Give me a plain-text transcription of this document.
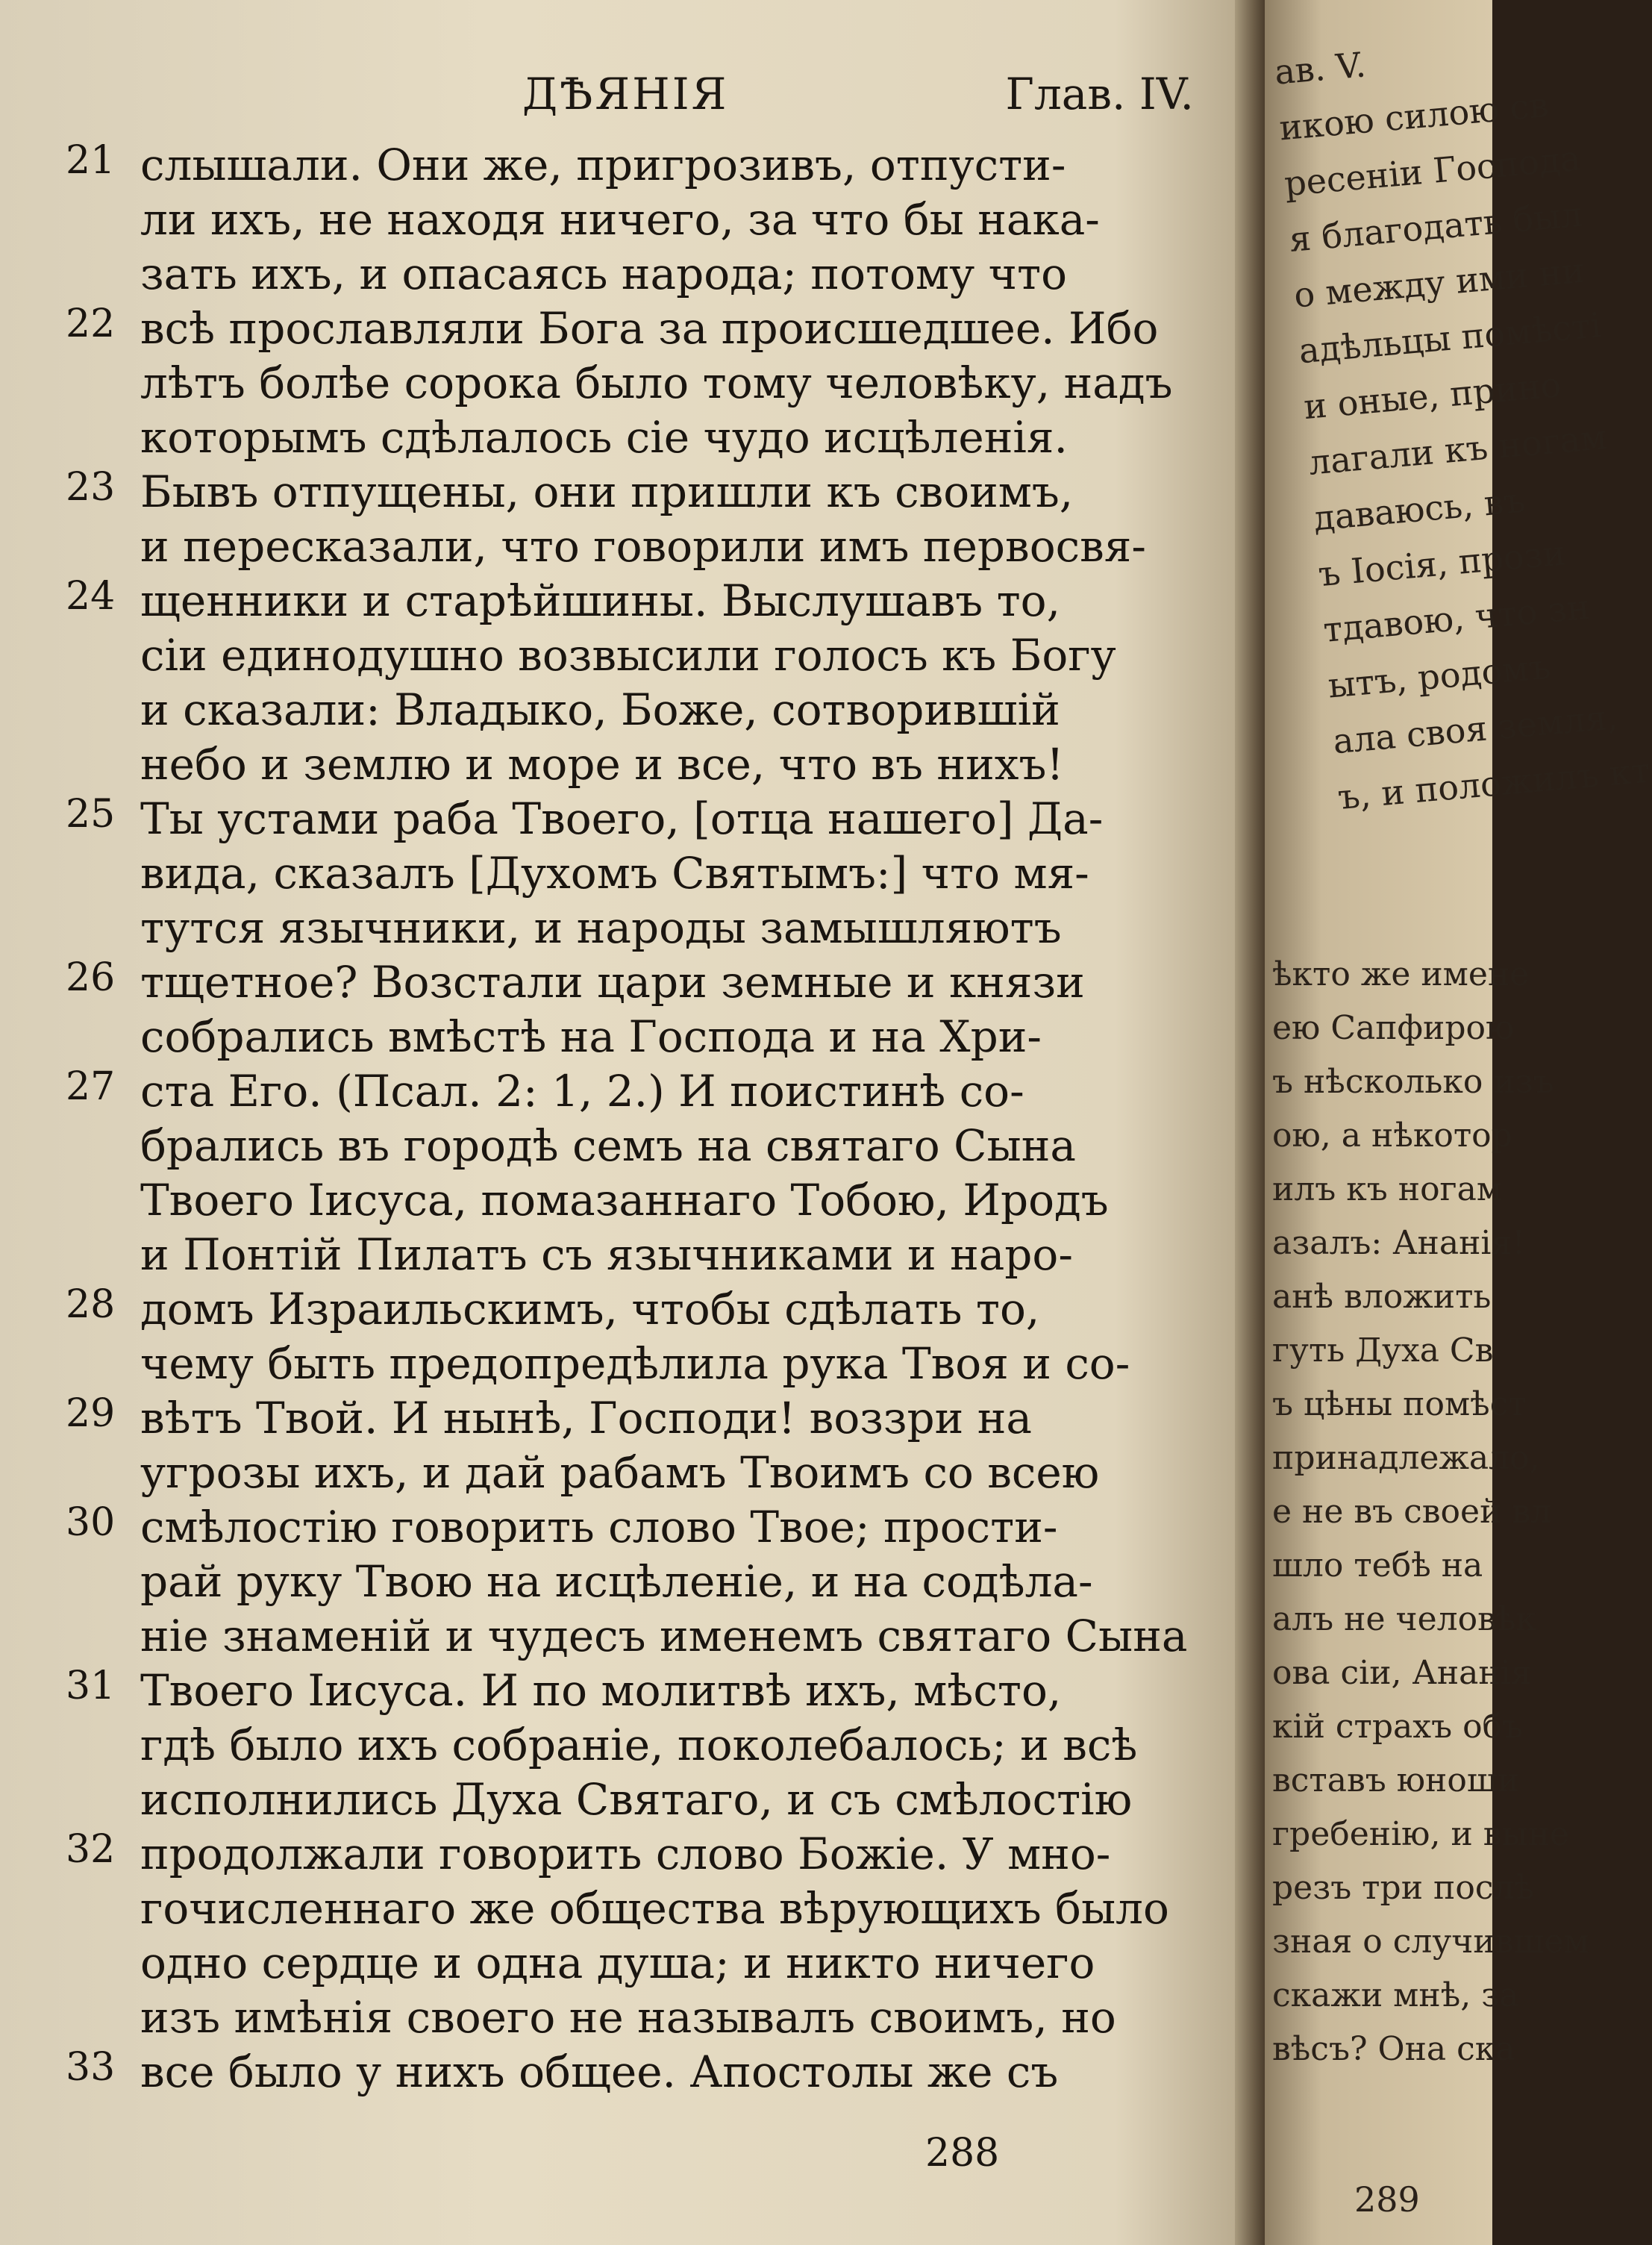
ДѢЯНІЯ	Глав. IV.
21
22
23
24
25
26
27
28
29
30
31
32
33
слышали. Они же, пригрозивъ, отпусти-
ли ихъ, не находя ничего, за что бы нака-
зать ихъ, и опасаясь народа; потому что
всѣ прославляли Бога за происшедшее. Ибо
лѣтъ болѣе сорока было тому человѣку, надъ
которымъ сдѣлалось сіе чудо исцѣленія.
Бывъ отпущены, они пришли къ своимъ,
и пересказали, что говорили имъ первосвя-
щенники и старѣйшины. Выслушавъ то,
сіи единодушно возвысили голосъ къ Богу
и сказали: Владыко, Боже, сотворившій
небо и землю и море и все, что въ нихъ!
Ты устами раба Твоего, [отца нашего] Да-
вида, сказалъ [Духомъ Святымъ:] что мя-
тутся язычники, и народы замышляютъ
тщетное? Возстали цари земные и князи
собрались вмѣстѣ на Господа и на Хри-
ста Его. (Псал. 2: 1, 2.) И поистинѣ со-
брались въ городѣ семъ на святаго Сына
Твоего Іисуса, помазаннаго Тобою, Иродъ
и Понтій Пилатъ съ язычниками и наро-
домъ Израильскимъ, чтобы сдѣлать то,
чему быть предопредѣлила рука Твоя и со-
вѣтъ Твой. И нынѣ, Господи! воззри на
угрозы ихъ, и дай рабамъ Твоимъ со всею
смѣлостію говорить слово Твое; прости-
рай руку Твою на исцѣленіе, и на содѣла-
ніе знаменій и чудесъ именемъ святаго Сына
Твоего Іисуса. И по молитвѣ ихъ, мѣсто,
гдѣ было ихъ собраніе, поколебалось; и всѣ
исполнились Духа Святаго, и съ смѣлостію
продолжали говорить слово Божіе. У мно-
гочисленнаго же общества вѣрующихъ было
одно сердце и одна душа; и никто ничего
изъ имѣнія своего не называлъ своимъ, но
все было у нихъ общее. Апостолы же съ
288
ав. V.
икою силою св
ресеніи Господа
я благодать был
о между ими ни
адѣльцы помѣсті
и оные, прино
лагали къ ногам
даваюсь, въ
ъ Іосія, прози
тдавою, что зн
ытъ, родомъ
ала своя земля,
ъ, и положилъ кт
ѣкто же имене
ею Сапфирою
ъ нѣсколько изъ
ою, а нѣкотор
илъ къ ногам
азалъ: Ананія!
анѣ вложить
гуть Духа Св
ъ цѣны помѣст
принадлежало,
е не въ своей вл
шло тебѣ на
алъ не человѣк
ова сіи, Ананія
кій страхъ объ
вставъ юноши
гребенію, и выне
резъ три послѣ
зная о случившем
скажи мнѣ, за
вѣсъ? Она ска
289
